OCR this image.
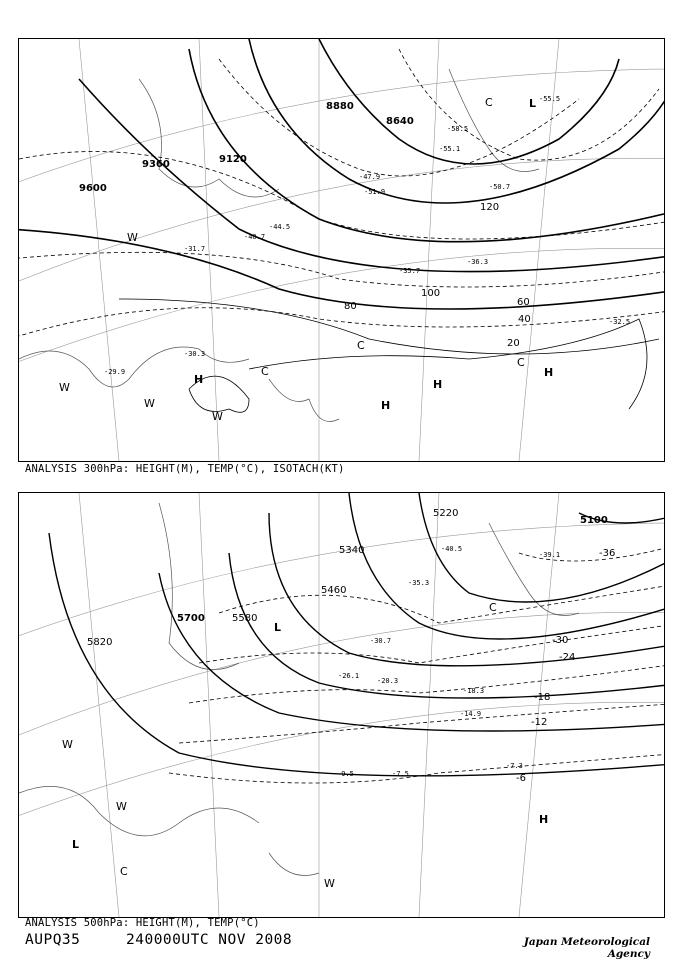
9600
9360	9120
8880
8640
20
40
60
80
100
120
-29.9
-30.3
-31.7
-32.5
-35.7
-36.3
-40.7
-44.5
-47.9
-50.7
-51.9
-55.1
-55.5
-58.5
H
H
H
H
L
C
C
C
C
W
W
W
W
ANALYSIS 300hPa: HEIGHT(M), TEMP(°C), ISOTACH(KT)
5820
5700	5580
5460
5340
5220
5100
-6
-12
-18
-24
-30
-36
-7.3
-7.5
-9.5
-14.9
-18.3
-20.3
-26.1
-30.7
-35.3
-39.1
-40.5
H
L
L
C
C
W
W
W
ANALYSIS 500hPa: HEIGHT(M), TEMP(°C)
AUPQ35	240000UTC NOV 2008	Japan Meteorological Agency
